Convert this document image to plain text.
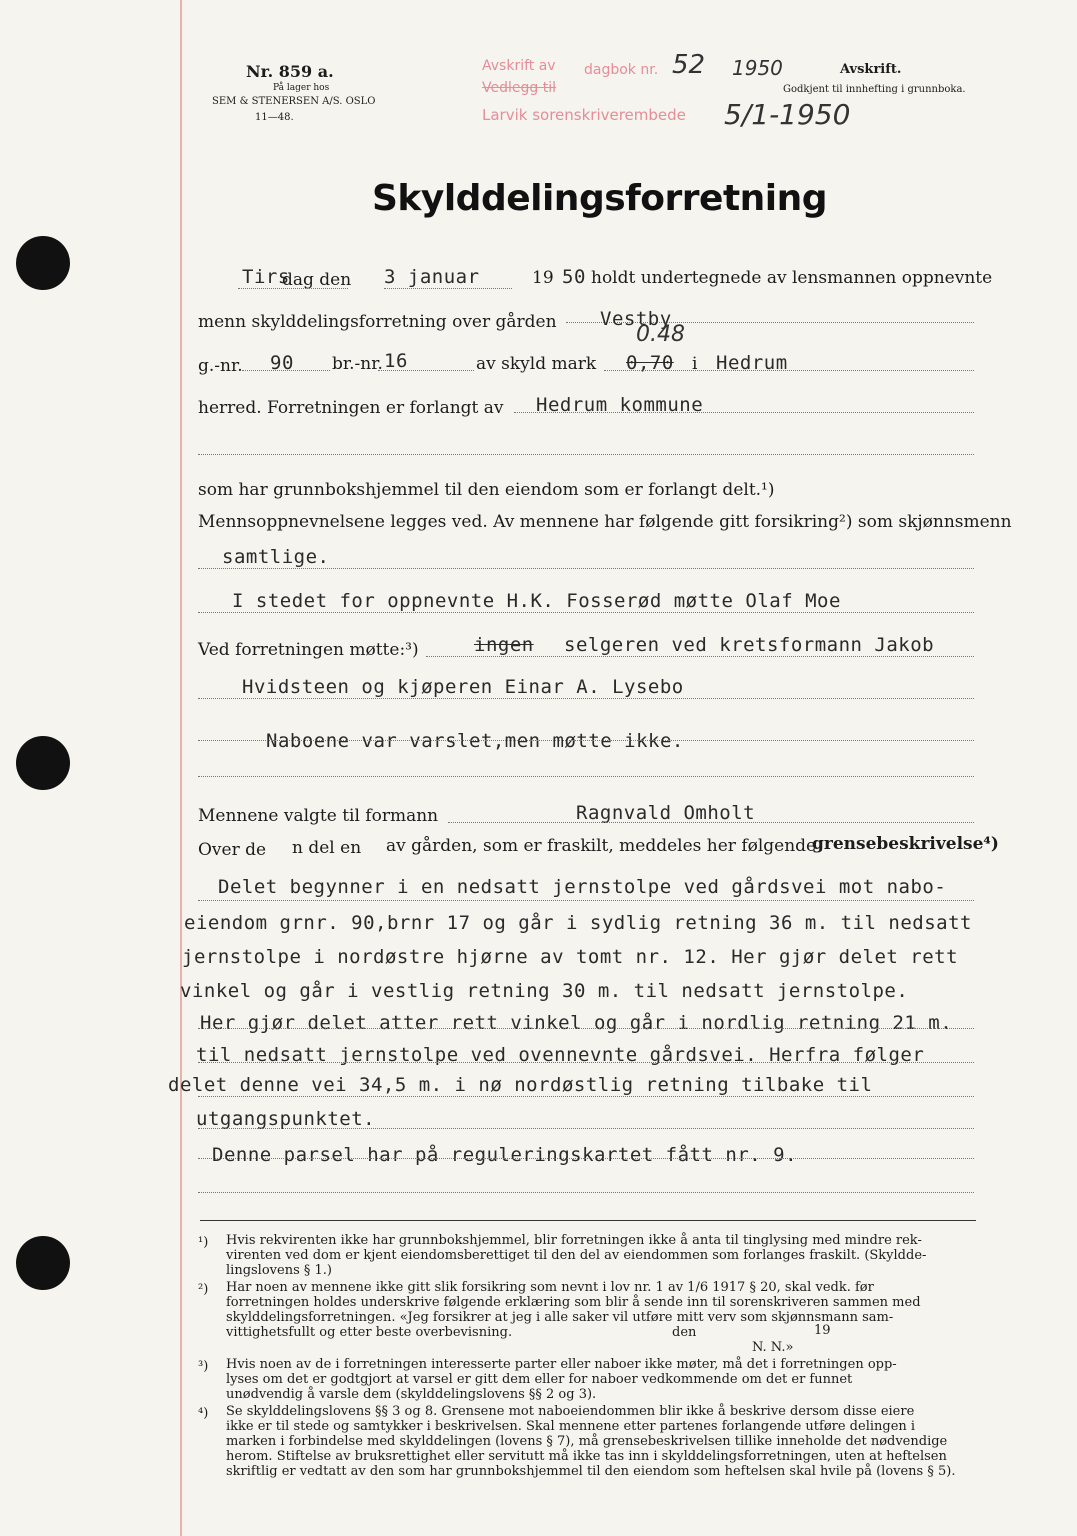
Nr. 859 a.
På lager hos
SEM & STENERSEN A/S. OSLO
11—48.
Avskrift av dagbok nr.
Vedlegg til
Larvik sorenskriverembede
52 1950
5/1-1950
Avskrift.
Godkjent til innhefting i grunnboka.
Skylddelingsforretning
Tirs
dag den 3 januar	19 50 holdt undertegnede av lensmannen oppnevnte
menn skylddelingsforretning over gården Vestby
0.48
g.-nr. 90 br.-nr. 16	av skyld mark 0,70 i Hedrum
herred. Forretningen er forlangt av Hedrum kommune
som har grunnbokshjemmel til den eiendom som er forlangt delt.¹)
Mennsoppnevnelsene legges ved. Av mennene har følgende gitt forsikring²) som skjønnsmenn
samtlige.
I stedet for oppnevnte H.K. Fosserød møtte Olaf Moe
Ved forretningen møtte:³)	ingen selgeren ved kretsformann Jakob
Hvidsteen og kjøperen Einar A. Lysebo
Naboene var varslet,men møtte ikke.
Mennene valgte til formann	Ragnvald Omholt
Over de n del en av gården, som er fraskilt, meddeles her følgende
grensebeskrivelse⁴)
Delet begynner i en nedsatt jernstolpe ved gårdsvei mot nabo-
eiendom grnr. 90,brnr 17 og går i sydlig retning 36 m. til nedsatt
jernstolpe i nordøstre hjørne av tomt nr. 12. Her gjør delet rett
vinkel og går i vestlig retning 30 m. til nedsatt jernstolpe.
Her gjør delet atter rett vinkel og går i nordlig retning 21 m.
til nedsatt jernstolpe ved ovennevnte gårdsvei. Herfra følger
delet denne vei 34,5 m. i nø nordøstlig retning tilbake til
utgangspunktet.
Denne parsel har på reguleringskartet fått nr. 9.
¹) Hvis rekvirenten ikke har grunnbokshjemmel, blir forretningen ikke å anta til tinglysing med mindre rek-
virenten ved dom er kjent eiendomsberettiget til den del av eiendommen som forlanges fraskilt. (Skyldde-
lingslovens § 1.)
²) Har noen av mennene ikke gitt slik forsikring som nevnt i lov nr. 1 av 1/6 1917 § 20, skal vedk. før
forretningen holdes underskrive følgende erklæring som blir å sende inn til sorenskriveren sammen med
skylddelingsforretningen. «Jeg forsikrer at jeg i alle saker vil utføre mitt verv som skjønnsmann sam-
vittighetsfullt og etter beste overbevisning.	den	19
N. N.»
³) Hvis noen av de i forretningen interesserte parter eller naboer ikke møter, må det i forretningen opp-
lyses om det er godtgjort at varsel er gitt dem eller for naboer vedkommende om det er funnet
unødvendig å varsle dem (skylddelingslovens §§ 2 og 3).
⁴) Se skylddelingslovens §§ 3 og 8. Grensene mot naboeiendommen blir ikke å beskrive dersom disse eiere
ikke er til stede og samtykker i beskrivelsen. Skal mennene etter partenes forlangende utføre delingen i
marken i forbindelse med skylddelingen (lovens § 7), må grensebeskrivelsen tillike inneholde det nødvendige
herom. Stiftelse av bruksrettighet eller servitutt må ikke tas inn i skylddelingsforretningen, uten at heftelsen
skriftlig er vedtatt av den som har grunnbokshjemmel til den eiendom som heftelsen skal hvile på (lovens § 5).
